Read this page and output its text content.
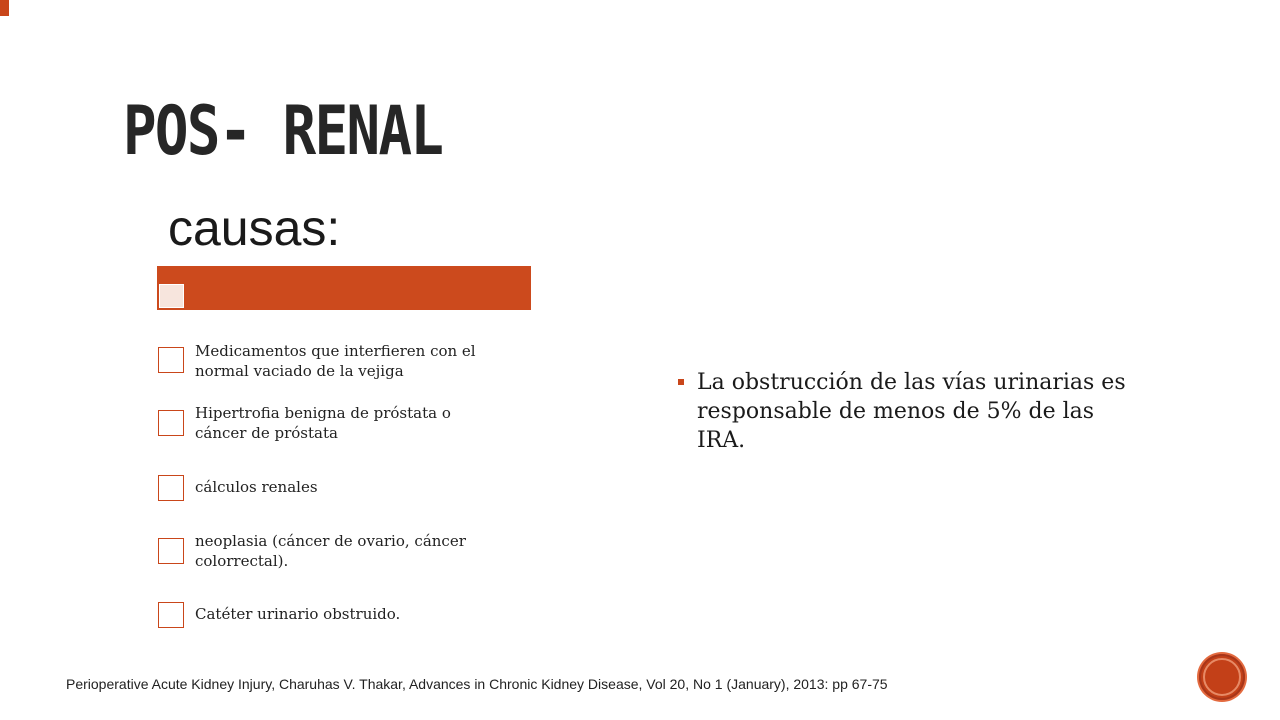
POS- RENAL
causas:
Medicamentos que interfieren con el normal vaciado de la vejiga
Hipertrofia benigna de próstata o cáncer de próstata
cálculos renales
neoplasia (cáncer de ovario, cáncer colorrectal).
Catéter urinario obstruido.
La obstrucción de las vías urinarias es responsable de menos de 5% de las IRA.
Perioperative Acute Kidney Injury, Charuhas V. Thakar, Advances in Chronic Kidney Disease, Vol 20, No 1 (January), 2013: pp 67-75
